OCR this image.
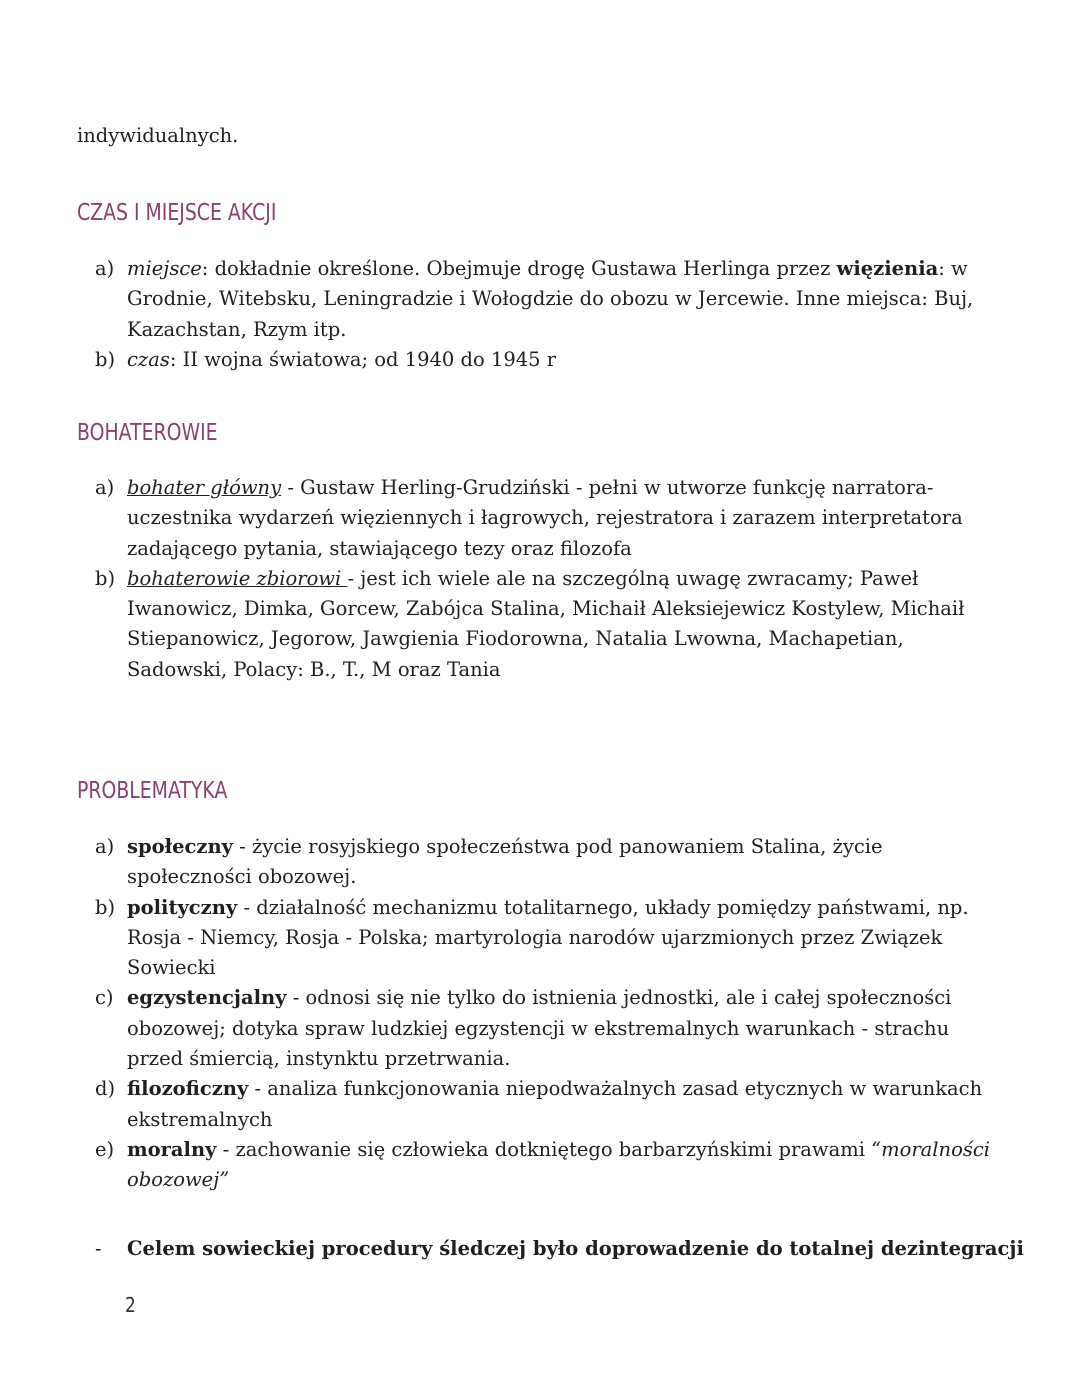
indywidualnych.

CZAS I MIEJSCE AKCJI
a) miejsce: dokładnie określone. Obejmuje drogę Gustawa Herlinga przez więzienia: w Grodnie, Witebsku, Leningradzie i Wołogdzie do obozu w Jercewie. Inne miejsca: Buj, Kazachstan, Rzym itp.
b) czas: II wojna światowa; od 1940 do 1945 r
BOHATEROWIE
a) bohater główny - Gustaw Herling-Grudziński - pełni w utworze funkcję narratora-uczestnika wydarzeń więziennych i łagrowych, rejestratora i zarazem interpretatora zadającego pytania, stawiającego tezy oraz filozofa
b) bohaterowie zbiorowi - jest ich wiele ale na szczególną uwagę zwracamy; Paweł Iwanowicz, Dimka, Gorcew, Zabójca Stalina, Michaił Aleksiejewicz Kostylew, Michaił Stiepanowicz, Jegorow, Jawgienia Fiodorowna, Natalia Lwowna, Machapetian, Sadowski, Polacy: B., T., M oraz Tania
PROBLEMATYKA
a) społeczny - życie rosyjskiego społeczeństwa pod panowaniem Stalina, życie społeczności obozowej.
b) polityczny - działalność mechanizmu totalitarnego, układy pomiędzy państwami, np. Rosja - Niemcy, Rosja - Polska; martyrologia narodów ujarzmionych przez Związek Sowiecki
c) egzystencjalny - odnosi się nie tylko do istnienia jednostki, ale i całej społeczności obozowej; dotyka spraw ludzkiej egzystencji w ekstremalnych warunkach - strachu przed śmiercią, instynktu przetrwania.
d) filozoficzny - analiza funkcjonowania niepodważalnych zasad etycznych w warunkach ekstremalnych
e) moralny - zachowanie się człowieka dotkniętego barbarzyńskimi prawami “moralności obozowej”

- Celem sowieckiej procedury śledczej było doprowadzenie do totalnej dezintegracji

2
